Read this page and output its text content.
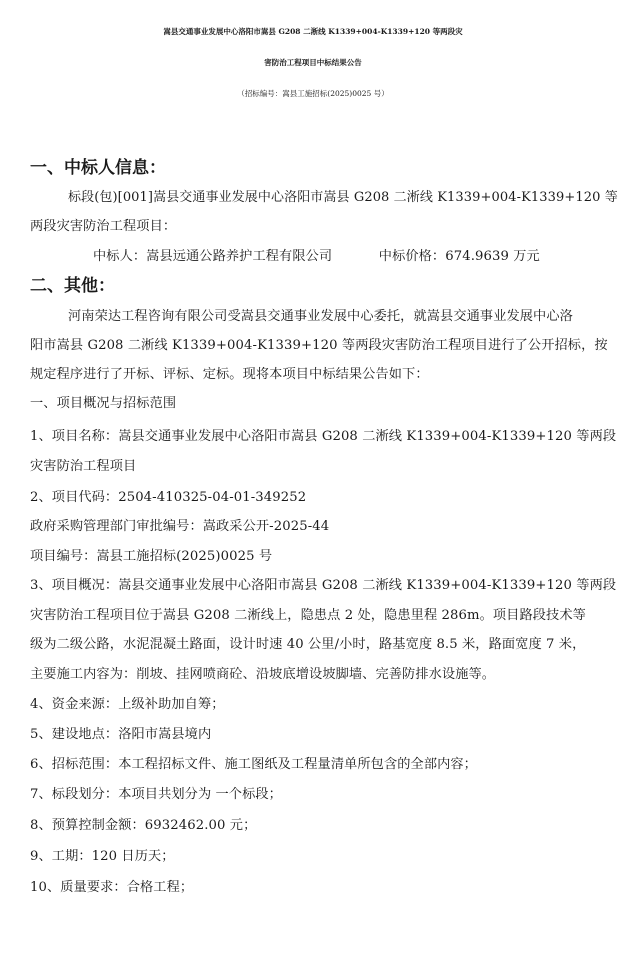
嵩县交通事业发展中心洛阳市嵩县 G208 二淅线 K1339+004-K1339+120 等两段灾
害防治工程项目中标结果公告
（招标编号：嵩县工施招标(2025)0025 号）
一、中标人信息：
标段(包)[001]嵩县交通事业发展中心洛阳市嵩县 G208 二淅线 K1339+004-K1339+120 等
两段灾害防治工程项目：
中标人：嵩县远通公路养护工程有限公司	中标价格：674.9639 万元
二、其他：
河南荣达工程咨询有限公司受嵩县交通事业发展中心委托，就嵩县交通事业发展中心洛
阳市嵩县 G208 二淅线 K1339+004-K1339+120 等两段灾害防治工程项目进行了公开招标，按
规定程序进行了开标、评标、定标。现将本项目中标结果公告如下：
一、项目概况与招标范围
1、项目名称：嵩县交通事业发展中心洛阳市嵩县 G208 二淅线 K1339+004-K1339+120 等两段
灾害防治工程项目
2、项目代码：2504-410325-04-01-349252
政府采购管理部门审批编号：嵩政采公开-2025-44
项目编号：嵩县工施招标(2025)0025 号
3、项目概况：嵩县交通事业发展中心洛阳市嵩县 G208 二淅线 K1339+004-K1339+120 等两段
灾害防治工程项目位于嵩县 G208 二淅线上，隐患点 2 处，隐患里程 286m。项目路段技术等
级为二级公路，水泥混凝土路面，设计时速 40 公里/小时，路基宽度 8.5 米，路面宽度 7 米，
主要施工内容为：削坡、挂网喷商砼、沿坡底增设坡脚墙、完善防排水设施等。
4、资金来源：上级补助加自筹；
5、建设地点：洛阳市嵩县境内
6、招标范围：本工程招标文件、施工图纸及工程量清单所包含的全部内容；
7、标段划分：本项目共划分为 一个标段；
8、预算控制金额：6932462.00 元；
9、工期：120 日历天；
10、质量要求：合格工程；
